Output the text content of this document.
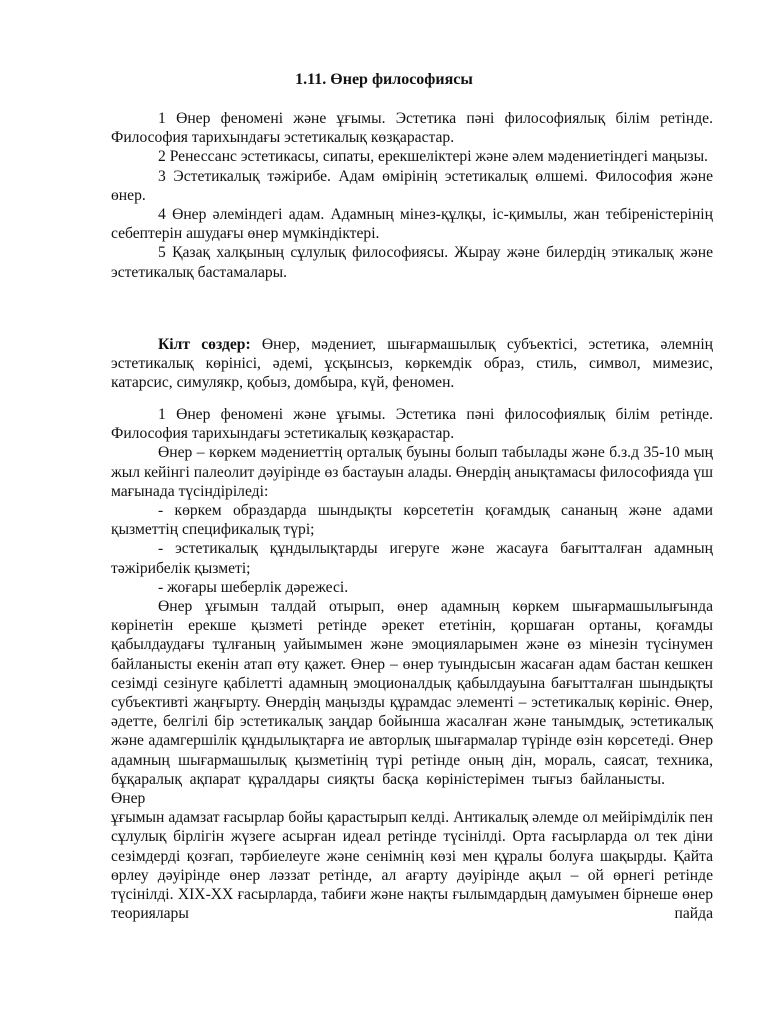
1.11. Өнер философиясы

1 Өнер феноменi және ұғымы. Эстетика пәнi философиялық бiлiм ретiнде. Философия тарихындағы эстетикалық көзқарастар.

2 Ренессанс эстетикасы, сипаты, ерекшелiктерi және әлем мәдениетiндегi маңызы.

3 Эстетикалық тәжiрибе. Адам өмiрiнiң эстетикалық өлшемi. Философия және өнер.

4 Өнер әлемiндегi адам. Адамның мiнез-құлқы, iс-қимылы, жан тебiренiстерiнiң себептерiн ашудағы өнер мүмкiндiктерi.

5 Қазақ халқының сұлулық философиясы. Жырау және билердiң этикалық және эстетикалық бастамалары.

Кiлт сөздер: Өнер, мәдениет, шығармашылық субъектiсi, эстетика, әлемнiң эстетикалық көрiнiсi, әдемi, ұсқынсыз, көркемдiк образ, стиль, символ, мимезис, катарсис, симулякр, қобыз, домбыра, күй, феномен.

1 Өнер феноменi және ұғымы. Эстетика пәнi философиялық бiлiм ретiнде. Философия тарихындағы эстетикалық көзқарастар.

Өнер – көркем мәдениеттiң орталық буыны болып табылады және б.з.д 35-10 мың жыл кейiнгi палеолит дәуiрiнде өз бастауын алады. Өнердiң анықтамасы философияда үш мағынада түсiндiрiледi:

- көркем образдарда шындықты көрсететiн қоғамдық сананың және адами қызметтiң спецификалық түрi;

- эстетикалық құндылықтарды игеруге және жасауға бағытталған адамның тәжiрибелiк қызметi;

- жоғары шеберлiк дәрежесi.

Өнер ұғымын талдай отырып, өнер адамның көркем шығармашылығында көрiнетiн ерекше қызметi ретiнде әрекет ететiнiн, қоршаған ортаны, қоғамды қабылдаудағы тұлғаның уайымымен және эмоцияларымен және өз мiнезiн түсiнумен байланысты екенiн атап өту қажет. Өнер – өнер туындысын жасаған адам бастан кешкен сезiмдi сезiнуге қабiлеттi адамның эмоционалдық қабылдауына бағытталған шындықты субъективтi жаңғырту. Өнердiң маңызды құрамдас элементi – эстетикалық көрiнiс. Өнер, әдетте, белгiлi бiр эстетикалық заңдар бойынша жасалған және танымдық, эстетикалық және адамгершiлiк құндылықтарға ие авторлық шығармалар түрiнде өзiн көрсетедi. Өнер адамның шығармашылық қызметiнiң түрi ретiнде оның дiн, мораль, саясат, техника, бұқаралық ақпарат құралдары сияқты басқа көрiнiстерiмен тығыз байланысты.Өнер

ұғымын адамзат ғасырлар бойы қарастырып келдi. Антикалық әлемде ол мейiрiмдiлiк пен сұлулық бiрлiгiн жүзеге асырған идеал ретiнде түсiнiлдi. Орта ғасырларда ол тек дiни сезiмдердi қозғап, тәрбиелеуге және сенiмнiң көзi мен құралы болуға шақырды. Қайта өрлеу дәуiрiнде өнер ләззат ретiнде, ал ағарту дәуiрiнде ақыл – ой өрнегi ретiнде түсiнiлдi. XIX-XX ғасырларда, табиғи және нақты ғылымдардың дамуымен бiрнеше өнер теориялары пайда
